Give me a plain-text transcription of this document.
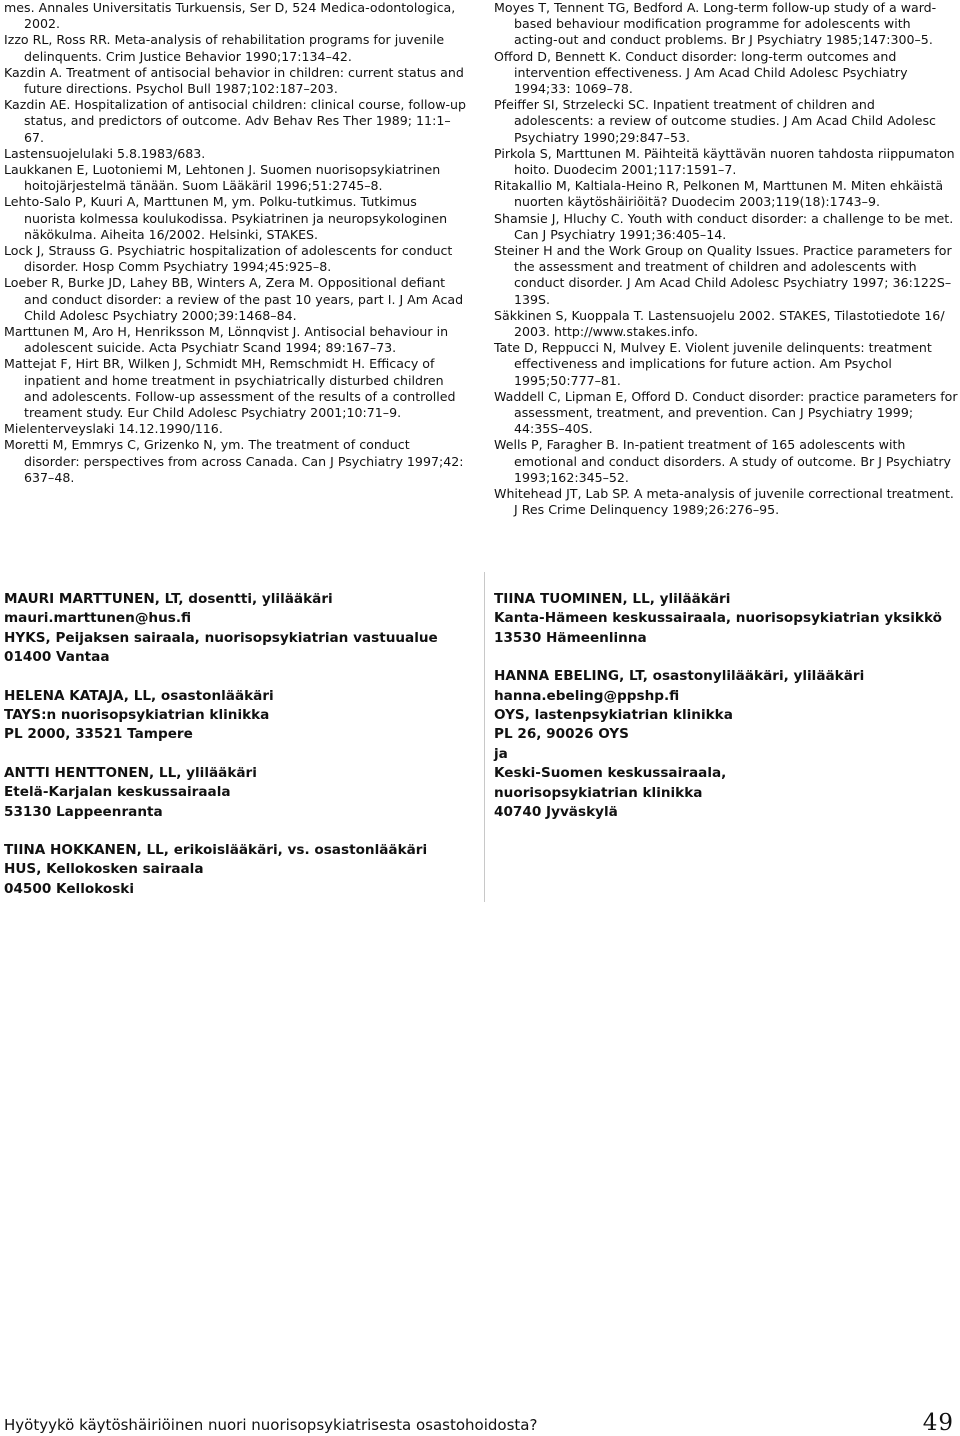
mes. Annales Universitatis Turkuensis, Ser D, 524 Medica-odontologica, 2002.

Izzo RL, Ross RR. Meta-analysis of rehabilitation programs for juvenile delinquents. Crim Justice Behavior 1990;17:134–42.

Kazdin A. Treatment of antisocial behavior in children: current status and future directions. Psychol Bull 1987;102:187–203.

Kazdin AE. Hospitalization of antisocial children: clinical course, follow-up status, and predictors of outcome. Adv Behav Res Ther 1989; 11:1–67.

Lastensuojelulaki 5.8.1983/683.

Laukkanen E, Luotoniemi M, Lehtonen J. Suomen nuorisopsykiatrinen hoitojärjestelmä tänään. Suom Lääkäril 1996;51:2745–8.

Lehto-Salo P, Kuuri A, Marttunen M, ym. Polku-tutkimus. Tutkimus nuorista kolmessa koulukodissa. Psykiatrinen ja neuropsykologinen näkökulma. Aiheita 16/2002. Helsinki, STAKES.

Lock J, Strauss G. Psychiatric hospitalization of adolescents for conduct disorder. Hosp Comm Psychiatry 1994;45:925–8.

Loeber R, Burke JD, Lahey BB, Winters A, Zera M. Oppositional defiant and conduct disorder: a review of the past 10 years, part I. J Am Acad Child Adolesc Psychiatry 2000;39:1468–84.

Marttunen M, Aro H, Henriksson M, Lönnqvist J. Antisocial behaviour in adolescent suicide. Acta Psychiatr Scand 1994; 89:167–73.

Mattejat F, Hirt BR, Wilken J, Schmidt MH, Remschmidt H. Efficacy of inpatient and home treatment in psychiatrically disturbed children and adolescents. Follow-up assessment of the results of a controlled treament study. Eur Child Adolesc Psychiatry 2001;10:71–9.

Mielenterveyslaki 14.12.1990/116.

Moretti M, Emmrys C, Grizenko N, ym. The treatment of conduct disorder: perspectives from across Canada. Can J Psychiatry 1997;42: 637–48.

Moyes T, Tennent TG, Bedford A. Long-term follow-up study of a ward-based behaviour modification programme for adolescents with acting-out and conduct problems. Br J Psychiatry 1985;147:300–5.

Offord D, Bennett K. Conduct disorder: long-term outcomes and intervention effectiveness. J Am Acad Child Adolesc Psychiatry 1994;33: 1069–78.

Pfeiffer SI, Strzelecki SC. Inpatient treatment of children and adolescents: a review of outcome studies. J Am Acad Child Adolesc Psychiatry 1990;29:847–53.

Pirkola S, Marttunen M. Päihteitä käyttävän nuoren tahdosta riippumaton hoito. Duodecim 2001;117:1591–7.

Ritakallio M, Kaltiala-Heino R, Pelkonen M, Marttunen M. Miten ehkäistä nuorten käytöshäiriöitä? Duodecim 2003;119(18):1743–9.

Shamsie J, Hluchy C. Youth with conduct disorder: a challenge to be met. Can J Psychiatry 1991;36:405–14.

Steiner H and the Work Group on Quality Issues. Practice parameters for the assessment and treatment of children and adolescents with conduct disorder. J Am Acad Child Adolesc Psychiatry 1997; 36:122S–139S.

Säkkinen S, Kuoppala T. Lastensuojelu 2002. STAKES, Tilastotiedote 16/ 2003. http://www.stakes.info.

Tate D, Reppucci N, Mulvey E. Violent juvenile delinquents: treatment effectiveness and implications for future action. Am Psychol 1995;50:777–81.

Waddell C, Lipman E, Offord D. Conduct disorder: practice parameters for assessment, treatment, and prevention. Can J Psychiatry 1999; 44:35S–40S.

Wells P, Faragher B. In-patient treatment of 165 adolescents with emotional and conduct disorders. A study of outcome. Br J Psychiatry 1993;162:345–52.

Whitehead JT, Lab SP. A meta-analysis of juvenile correctional treatment. J Res Crime Delinquency 1989;26:276–95.

MAURI MARTTUNEN, LT, dosentti, ylilääkäri
mauri.marttunen@hus.fi
HYKS, Peijaksen sairaala, nuorisopsykiatrian vastuualue
01400 Vantaa
HELENA KATAJA, LL, osastonlääkäri
TAYS:n nuorisopsykiatrian klinikka
PL 2000, 33521 Tampere
ANTTI HENTTONEN, LL, ylilääkäri
Etelä-Karjalan keskussairaala
53130 Lappeenranta
TIINA HOKKANEN, LL, erikoislääkäri, vs. osastonlääkäri
HUS, Kellokosken sairaala
04500 Kellokoski
TIINA TUOMINEN, LL, ylilääkäri
Kanta-Hämeen keskussairaala, nuorisopsykiatrian yksikkö
13530 Hämeenlinna
HANNA EBELING, LT, osastonylilääkäri, ylilääkäri
hanna.ebeling@ppshp.fi
OYS, lastenpsykiatrian klinikka
PL 26, 90026 OYS
ja
Keski-Suomen keskussairaala,
nuorisopsykiatrian klinikka
40740 Jyväskylä
Hyötyykö käytöshäiriöinen nuori nuorisopsykiatrisesta osastohoidosta?	49
